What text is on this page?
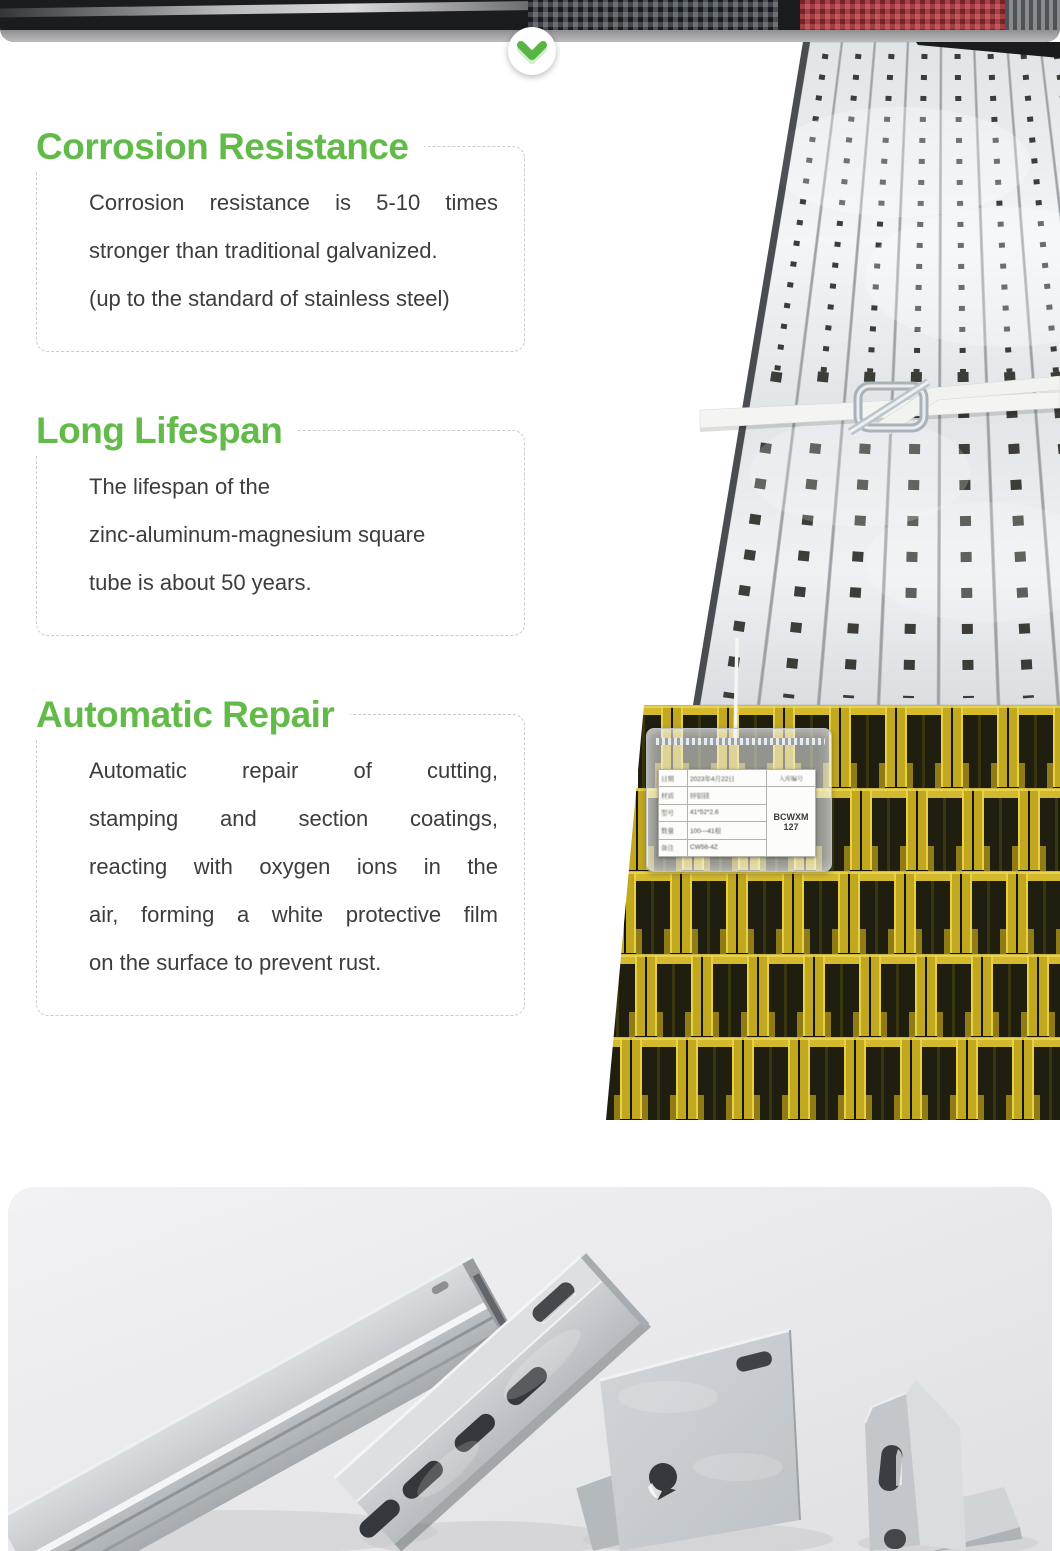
日期	2023年4月22日	入库编号
材质	锌铝镁	BCWXM
127

型号	41*52*2.6	
数量	100—41根	
备注	CW56-4Z	
Corrosion Resistance
Corrosion resistance is 5-10 times
stronger than traditional galvanized.
(up to the standard of stainless steel)
Long Lifespan
The lifespan of the
zinc-aluminum-magnesium square
tube is about 50 years.
Automatic Repair
Automatic repair of cutting,
stamping and section coatings,
reacting with oxygen ions in the
air, forming a white protective film
on the surface to prevent rust.
